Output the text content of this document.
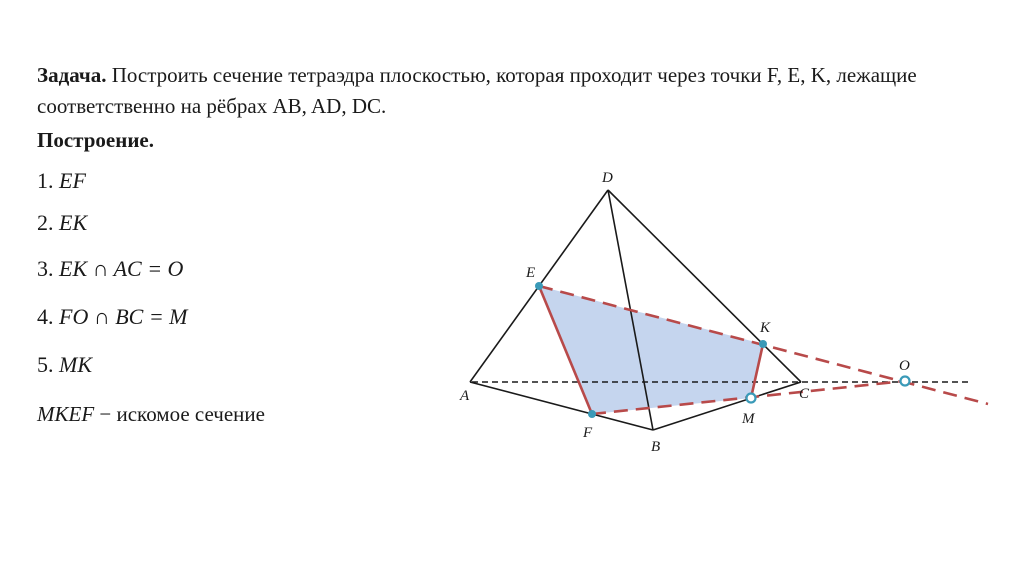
Задача. Построить сечение тетраэдра плоскостью, которая проходит через точки F, E, K, лежащие соответственно на рёбрах AB, AD, DC.
Построение.
1. EF
2. EK
3. EK ∩ AC = O
4. FO ∩ BC = M
5. MK
MKEF − искомое сечение
D
E
K
O
A	C
M
F
B
